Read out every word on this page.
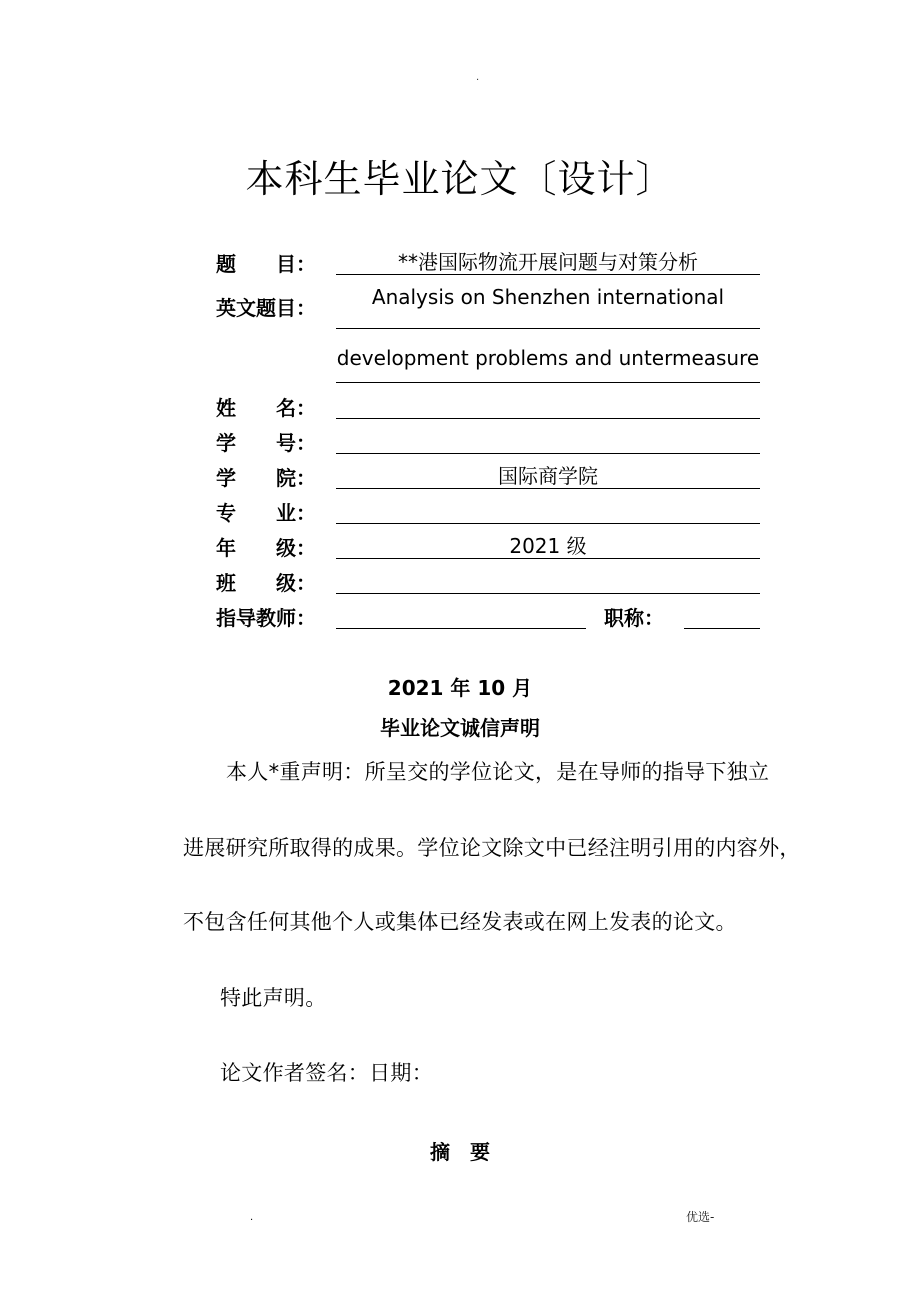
.
本科生毕业论文〔设计〕
题　　目：	**港国际物流开展问题与对策分析
英文题目：	Analysis on Shenzhen international
development problems and untermeasure
姓　　名：
学　　号：
学　　院：	国际商学院
专　　业：
年　　级：	2021 级
班　　级：
指导教师：	职称：
2021 年 10 月
毕业论文诚信声明
本人*重声明：所呈交的学位论文，是在导师的指导下独立
进展研究所取得的成果。学位论文除文中已经注明引用的内容外，
不包含任何其他个人或集体已经发表或在网上发表的论文。
特此声明。
论文作者签名：日期：
摘　要
.	优选-
